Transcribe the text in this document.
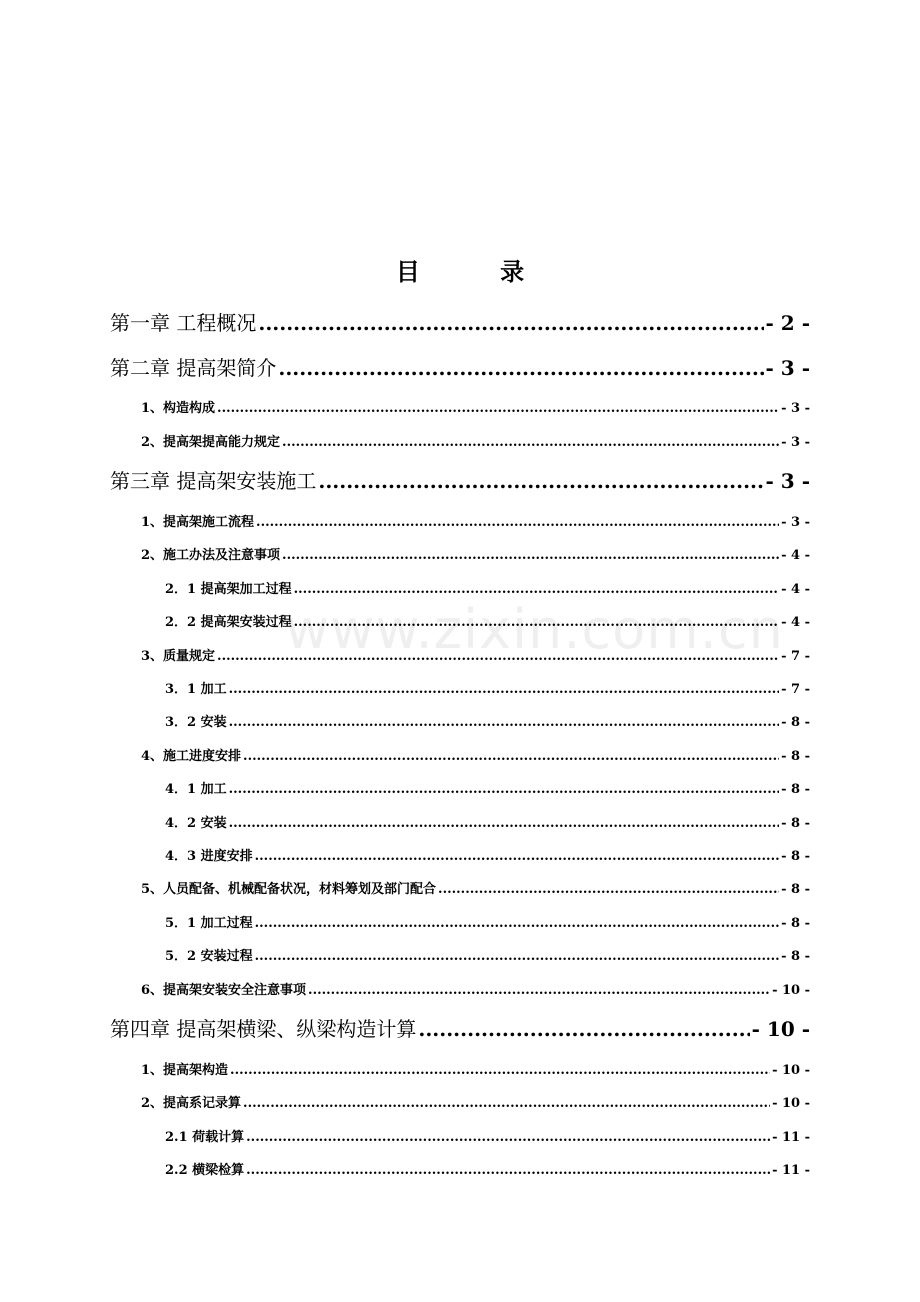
www.zixin.com.cn
目 录
第一章 工程概况 .....	- 2 -
第二章 提高架简介 .....	- 3 -
1、构造构成 .....	- 3 -
2、提高架提高能力规定 .....	- 3 -
第三章 提高架安装施工 .....	- 3 -
1、提高架施工流程 .....	- 3 -
2、施工办法及注意事项 .....	- 4 -
2．1 提高架加工过程 .....	- 4 -
2．2 提高架安装过程 .....	- 4 -
3、质量规定 .....	- 7 -
3．1 加工 .....	- 7 -
3．2 安装 .....	- 8 -
4、施工进度安排 .....	- 8 -
4．1 加工 .....	- 8 -
4．2 安装 .....	- 8 -
4．3 进度安排 .....	- 8 -
5、人员配备、机械配备状况，材料筹划及部门配合 .....	- 8 -
5．1 加工过程 .....	- 8 -
5．2 安装过程 .....	- 8 -
6、提高架安装安全注意事项 .....	- 10 -
第四章 提高架横梁、纵梁构造计算 .....	- 10 -
1、提高架构造 .....	- 10 -
2、提高系记录算 .....	- 10 -
2.1 荷载计算 .....	- 11 -
2.2 横梁检算 .....	- 11 -
